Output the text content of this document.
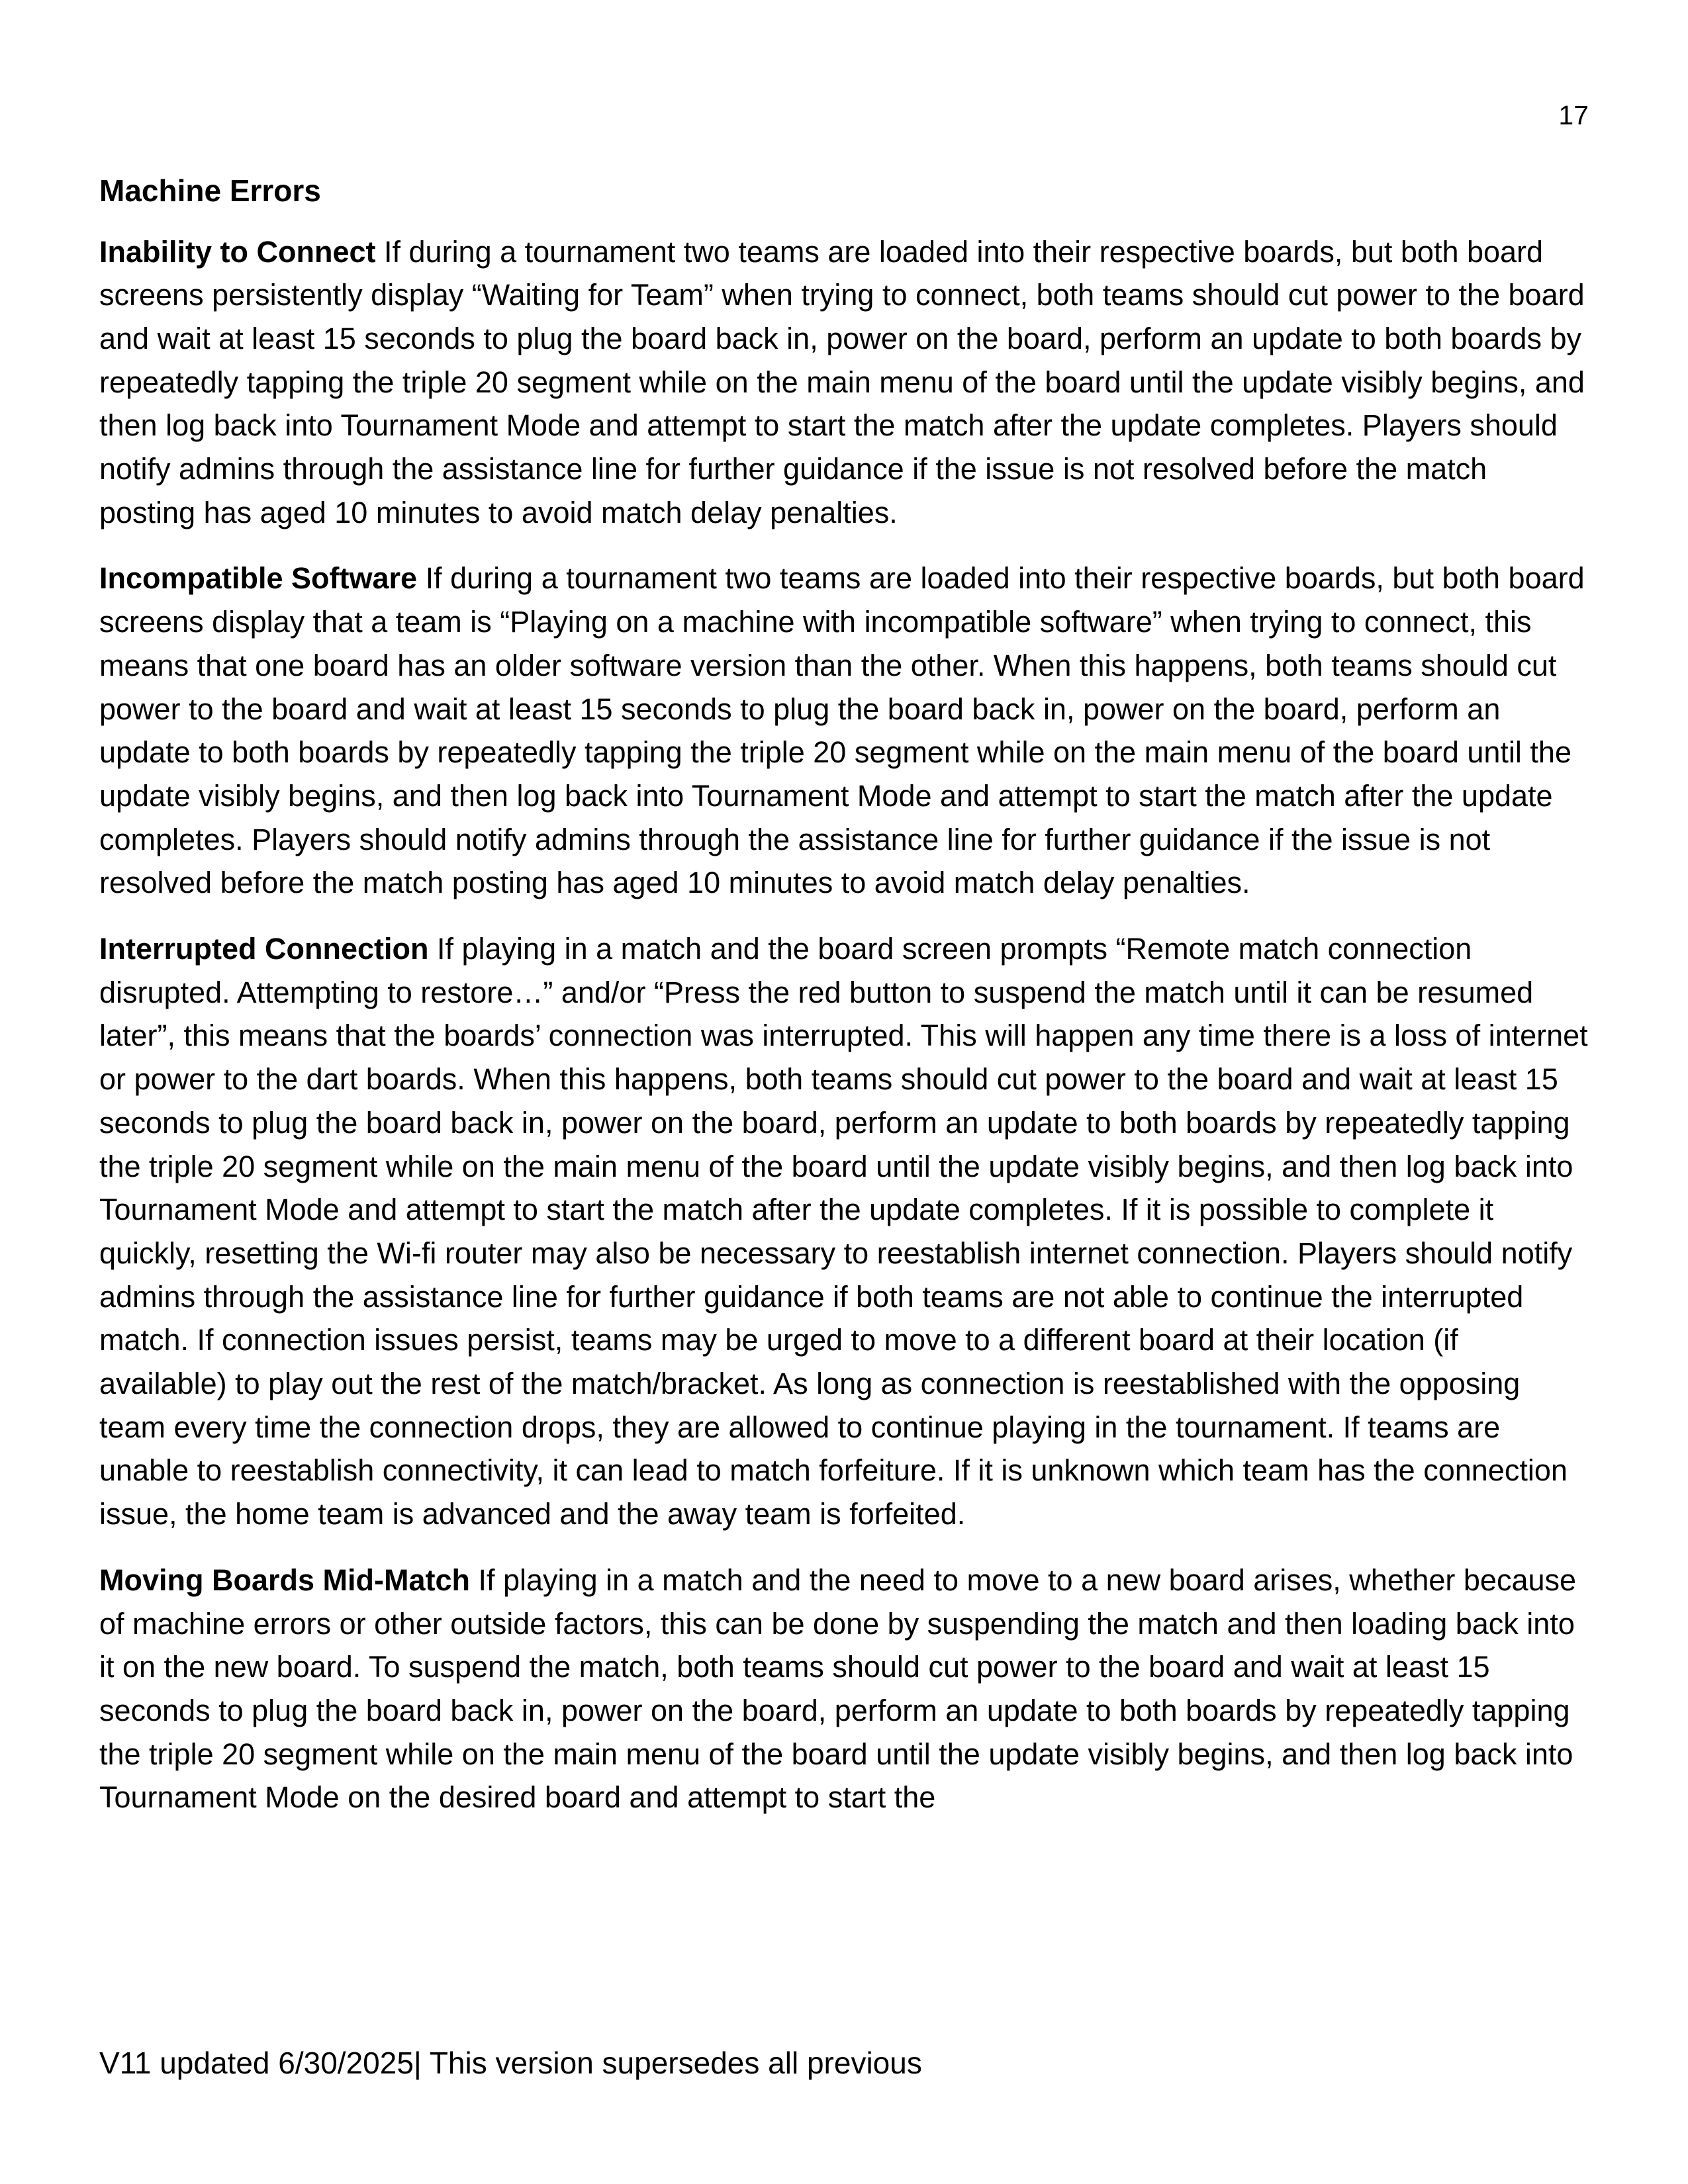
17
Machine Errors

Inability to Connect If during a tournament two teams are loaded into their respective boards, but both board screens persistently display “Waiting for Team” when trying to connect, both teams should cut power to the board and wait at least 15 seconds to plug the board back in, power on the board, perform an update to both boards by repeatedly tapping the triple 20 segment while on the main menu of the board until the update visibly begins, and then log back into Tournament Mode and attempt to start the match after the update completes. Players should notify admins through the assistance line for further guidance if the issue is not resolved before the match posting has aged 10 minutes to avoid match delay penalties.

Incompatible Software If during a tournament two teams are loaded into their respective boards, but both board screens display that a team is “Playing on a machine with incompatible software” when trying to connect, this means that one board has an older software version than the other. When this happens, both teams should cut power to the board and wait at least 15 seconds to plug the board back in, power on the board, perform an update to both boards by repeatedly tapping the triple 20 segment while on the main menu of the board until the update visibly begins, and then log back into Tournament Mode and attempt to start the match after the update completes. Players should notify admins through the assistance line for further guidance if the issue is not resolved before the match posting has aged 10 minutes to avoid match delay penalties.

Interrupted Connection If playing in a match and the board screen prompts “Remote match connection disrupted. Attempting to restore…” and/or “Press the red button to suspend the match until it can be resumed later”, this means that the boards’ connection was interrupted. This will happen any time there is a loss of internet or power to the dart boards. When this happens, both teams should cut power to the board and wait at least 15 seconds to plug the board back in, power on the board, perform an update to both boards by repeatedly tapping the triple 20 segment while on the main menu of the board until the update visibly begins, and then log back into Tournament Mode and attempt to start the match after the update completes. If it is possible to complete it quickly, resetting the Wi-fi router may also be necessary to reestablish internet connection. Players should notify admins through the assistance line for further guidance if both teams are not able to continue the interrupted match. If connection issues persist, teams may be urged to move to a different board at their location (if available) to play out the rest of the match/bracket. As long as connection is reestablished with the opposing team every time the connection drops, they are allowed to continue playing in the tournament. If teams are unable to reestablish connectivity, it can lead to match forfeiture. If it is unknown which team has the connection issue, the home team is advanced and the away team is forfeited.

Moving Boards Mid-Match If playing in a match and the need to move to a new board arises, whether because of machine errors or other outside factors, this can be done by suspending the match and then loading back into it on the new board. To suspend the match, both teams should cut power to the board and wait at least 15 seconds to plug the board back in, power on the board, perform an update to both boards by repeatedly tapping the triple 20 segment while on the main menu of the board until the update visibly begins, and then log back into Tournament Mode on the desired board and attempt to start the

V11 updated 6/30/2025| This version supersedes all previous
